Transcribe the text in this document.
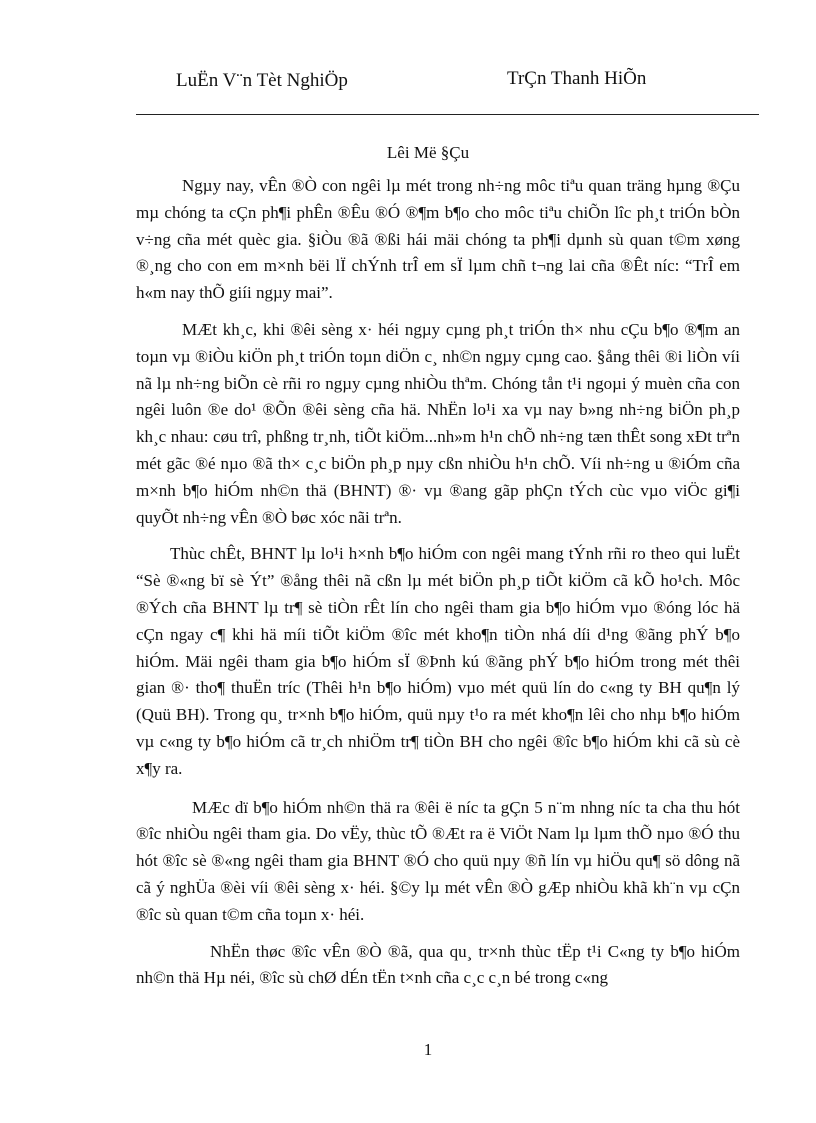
LuËn V¨n Tèt NghiÖp	TrÇn Thanh HiÕn
Lêi Më §Çu

Ngµy nay, vÊn ®Ò con ngêi lµ mét trong nh÷ng môc tiªu quan träng hµng ®Çu mµ chóng ta cÇn ph¶i phÊn ®Êu ®Ó ®¶m b¶o cho môc tiªu chiÕn lîc ph¸t triÓn bÒn v÷ng cña mét quèc gia. §iÒu ®ã ®ßi hái mäi chóng ta ph¶i dµnh sù quan t©m xøng ®¸ng cho con em m×nh bëi lÏ chÝnh trÎ em sÏ lµm chñ t¬ng lai cña ®Êt níc: “TrÎ em h«m nay thÕ giíi ngµy mai”.

MÆt kh¸c, khi ®êi sèng x· héi ngµy cµng ph¸t triÓn th× nhu cÇu b¶o ®¶m an toµn vµ ®iÒu kiÖn ph¸t triÓn toµn diÖn c¸ nh©n ngµy cµng cao. §ång thêi ®i liÒn víi nã lµ nh÷ng biÕn cè rñi ro ngµy cµng nhiÒu thªm. Chóng tån t¹i ngoµi ý muèn cña con ngêi luôn ®e do¹ ®Õn ®êi sèng cña hä. NhËn lo¹i xa vµ nay b»ng nh÷ng biÖn ph¸p kh¸c nhau: cøu trî, phßng tr¸nh, tiÕt kiÖm...nh»m h¹n chÕ nh÷ng tæn thÊt song xÐt trªn mét gãc ®é nµo ®ã th× c¸c biÖn ph¸p nµy cßn nhiÒu h¹n chÕ. Víi nh÷ng u ®iÓm cña m×nh b¶o hiÓm nh©n thä (BHNT) ®· vµ ®ang gãp phÇn tÝch cùc vµo viÖc gi¶i quyÕt nh÷ng vÊn ®Ò bøc xóc nãi trªn.

Thùc chÊt, BHNT lµ lo¹i h×nh b¶o hiÓm con ngêi mang tÝnh rñi ro theo qui luËt “Sè ®«ng bï sè Ýt” ®ång thêi nã cßn lµ mét biÖn ph¸p tiÕt kiÖm cã kÕ ho¹ch. Môc ®Ých cña BHNT lµ tr¶ sè tiÒn rÊt lín cho ngêi tham gia b¶o hiÓm vµo ®óng lóc hä cÇn ngay c¶ khi hä míi tiÕt kiÖm ®îc mét kho¶n tiÒn nhá díi d¹ng ®ãng phÝ b¶o hiÓm. Mäi ngêi tham gia b¶o hiÓm sÏ ®Þnh kú ®ãng phÝ b¶o hiÓm trong mét thêi gian ®· tho¶ thuËn tríc (Thêi h¹n b¶o hiÓm) vµo mét quü lín do c«ng ty BH qu¶n lý (Quü BH). Trong qu¸ tr×nh b¶o hiÓm, quü nµy t¹o ra mét kho¶n lêi cho nhµ b¶o hiÓm vµ c«ng ty b¶o hiÓm cã tr¸ch nhiÖm tr¶ tiÒn BH cho ngêi ®îc b¶o hiÓm khi cã sù cè x¶y ra.

MÆc dï b¶o hiÓm nh©n thä ra ®êi ë níc ta gÇn 5 n¨m nhng níc ta cha thu hót ®îc nhiÒu ngêi tham gia. Do vËy, thùc tÕ ®Æt ra ë ViÖt Nam lµ lµm thÕ nµo ®Ó thu hót ®îc sè ®«ng ngêi tham gia BHNT ®Ó cho quü nµy ®ñ lín vµ hiÖu qu¶ sö dông nã cã ý nghÜa ®èi víi ®êi sèng x· héi. §©y lµ mét vÊn ®Ò gÆp nhiÒu khã kh¨n vµ cÇn ®îc sù quan t©m cña toµn x· héi.

NhËn thøc ®îc vÊn ®Ò ®ã, qua qu¸ tr×nh thùc tËp t¹i C«ng ty b¶o hiÓm nh©n thä Hµ néi, ®îc sù chØ dÉn tËn t×nh cña c¸c c¸n bé trong c«ng

1
